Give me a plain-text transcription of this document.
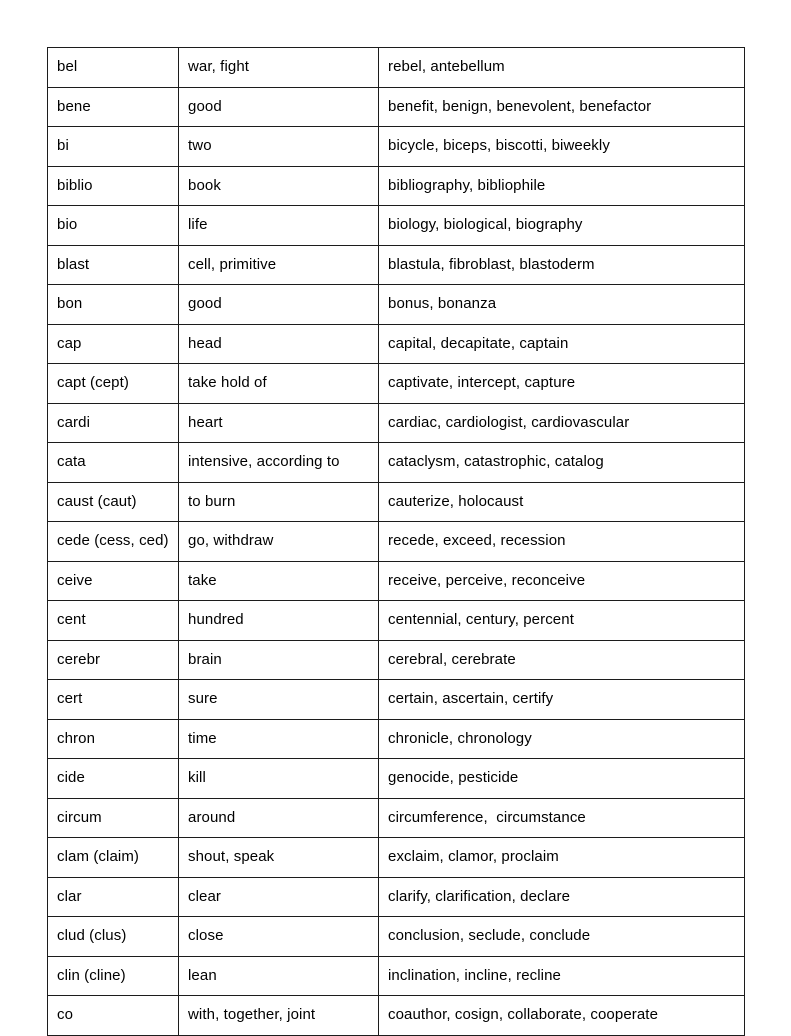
bel	war, fight	rebel, antebellum
bene	good	benefit, benign, benevolent, benefactor
bi	two	bicycle, biceps, biscotti, biweekly
biblio	book	bibliography, bibliophile
bio	life	biology, biological, biography
blast	cell, primitive	blastula, fibroblast, blastoderm
bon	good	bonus, bonanza
cap	head	capital, decapitate, captain
capt (cept)	take hold of	captivate, intercept, capture
cardi	heart	cardiac, cardiologist, cardiovascular
cata	intensive, according to	cataclysm, catastrophic, catalog
caust (caut)	to burn	cauterize, holocaust
cede (cess, ced)	go, withdraw	recede, exceed, recession
ceive	take	receive, perceive, reconceive
cent	hundred	centennial, century, percent
cerebr	brain	cerebral, cerebrate
cert	sure	certain, ascertain, certify
chron	time	chronicle, chronology
cide	kill	genocide, pesticide
circum	around	circumference,  circumstance
clam (claim)	shout, speak	exclaim, clamor, proclaim
clar	clear	clarify, clarification, declare
clud (clus)	close	conclusion, seclude, conclude
clin (cline)	lean	inclination, incline, recline
co	with, together, joint	coauthor, cosign, collaborate, cooperate
